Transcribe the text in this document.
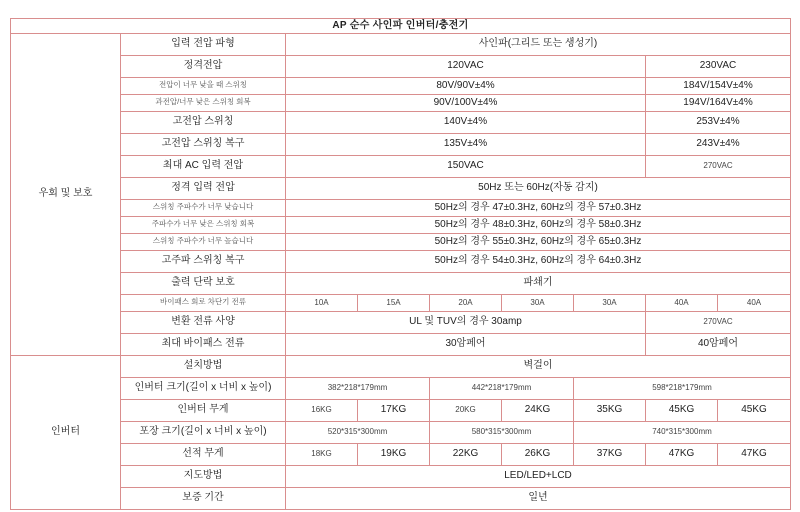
AP 순수 사인파 인버터/충전기								
우회 및 보호	입력 전압 파형	사인파(그리드 또는 생성기)						
	정격전압	120VAC					230VAC	
	전압이 너무 낮을 때 스위칭	80V/90V±4%					184V/154V±4%	
	과전압/너무 낮은 스위칭 회복	90V/100V±4%					194V/164V±4%	
	고전압 스위칭	140V±4%					253V±4%	
	고전압 스위칭 복구	135V±4%					243V±4%	
	최대 AC 입력 전압	150VAC					270VAC	
	정격 입력 전압	50Hz 또는 60Hz(자동 감지)						
	스위칭 주파수가 너무 낮습니다	50Hz의 경우 47±0.3Hz, 60Hz의 경우 57±0.3Hz						
	주파수가 너무 낮은 스위칭 회복	50Hz의 경우 48±0.3Hz, 60Hz의 경우 58±0.3Hz						
	스위칭 주파수가 너무 높습니다	50Hz의 경우 55±0.3Hz, 60Hz의 경우 65±0.3Hz						
	고주파 스위칭 복구	50Hz의 경우 54±0.3Hz, 60Hz의 경우 64±0.3Hz						
	출력 단락 보호	파쇄기						
	바이패스 회로 차단기 전류	10A	15A	20A	30A	30A	40A	40A
	변환 전류 사양	UL 및 TUV의 경우 30amp					270VAC	
	최대 바이패스 전류	30암페어					40암페어	
인버터	설치방법	벽걸이						
	인버터 크기(길이 x 너비 x 높이)	382*218*179mm		442*218*179mm		598*218*179mm		
	인버터 무게	16KG	17KG	20KG	24KG	35KG	45KG	45KG
	포장 크기(길이 x 너비 x 높이)	520*315*300mm		580*315*300mm		740*315*300mm		
	선적 무게	18KG	19KG	22KG	26KG	37KG	47KG	47KG
	지도방법	LED/LED+LCD						
	보증 기간	일년						
